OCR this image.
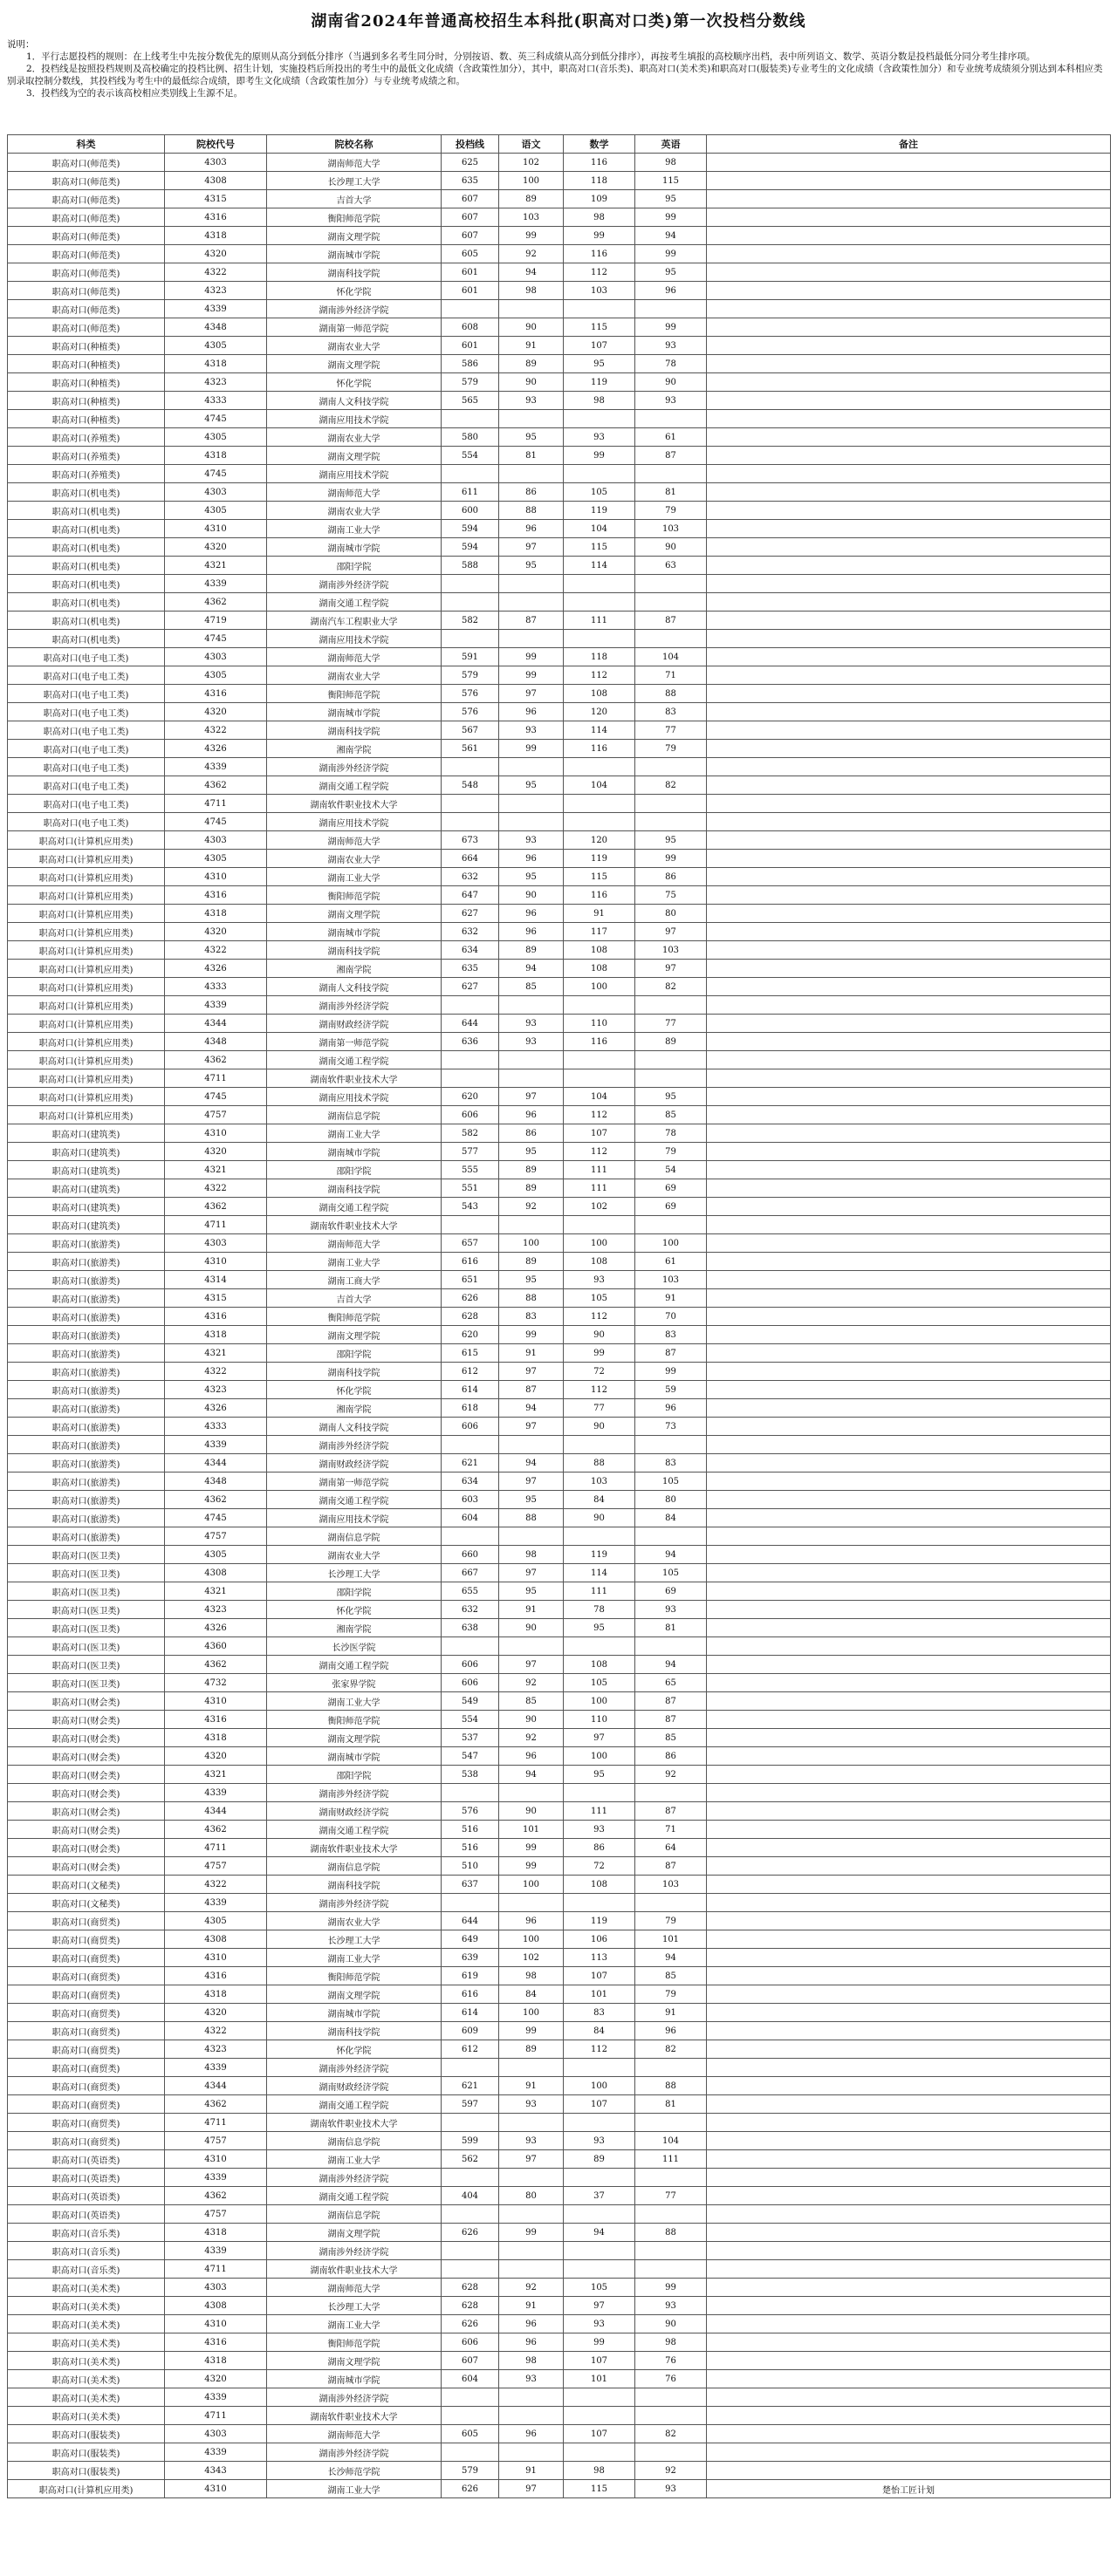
湖南省2024年普通高校招生本科批(职高对口类)第一次投档分数线

说明：

1．平行志愿投档的规则：在上线考生中先按分数优先的原则从高分到低分排序（当遇到多名考生同分时，分别按语、数、英三科成绩从高分到低分排序），再按考生填报的高校顺序出档，表中所列语文、数学、英语分数是投档最低分同分考生排序项。

2．投档线是按照投档规则及高校确定的投档比例、招生计划，实施投档后所投出的考生中的最低文化成绩（含政策性加分），其中，职高对口(音乐类)、职高对口(美术类)和职高对口(服装类)专业考生的文化成绩（含政策性加分）和专业统考成绩须分别达到本科相应类别录取控制分数线，其投档线为考生中的最低综合成绩，即考生文化成绩（含政策性加分）与专业统考成绩之和。

3．投档线为空的表示该高校相应类别线上生源不足。

科类	院校代号	院校名称	投档线	语文	数学	英语	备注
职高对口(师范类)	4303	湖南师范大学	625	102	116	98	
职高对口(师范类)	4308	长沙理工大学	635	100	118	115	
职高对口(师范类)	4315	吉首大学	607	89	109	95	
职高对口(师范类)	4316	衡阳师范学院	607	103	98	99	
职高对口(师范类)	4318	湖南文理学院	607	99	99	94	
职高对口(师范类)	4320	湖南城市学院	605	92	116	99	
职高对口(师范类)	4322	湖南科技学院	601	94	112	95	
职高对口(师范类)	4323	怀化学院	601	98	103	96	
职高对口(师范类)	4339	湖南涉外经济学院					
职高对口(师范类)	4348	湖南第一师范学院	608	90	115	99	
职高对口(种植类)	4305	湖南农业大学	601	91	107	93	
职高对口(种植类)	4318	湖南文理学院	586	89	95	78	
职高对口(种植类)	4323	怀化学院	579	90	119	90	
职高对口(种植类)	4333	湖南人文科技学院	565	93	98	93	
职高对口(种植类)	4745	湖南应用技术学院					
职高对口(养殖类)	4305	湖南农业大学	580	95	93	61	
职高对口(养殖类)	4318	湖南文理学院	554	81	99	87	
职高对口(养殖类)	4745	湖南应用技术学院					
职高对口(机电类)	4303	湖南师范大学	611	86	105	81	
职高对口(机电类)	4305	湖南农业大学	600	88	119	79	
职高对口(机电类)	4310	湖南工业大学	594	96	104	103	
职高对口(机电类)	4320	湖南城市学院	594	97	115	90	
职高对口(机电类)	4321	邵阳学院	588	95	114	63	
职高对口(机电类)	4339	湖南涉外经济学院					
职高对口(机电类)	4362	湖南交通工程学院					
职高对口(机电类)	4719	湖南汽车工程职业大学	582	87	111	87	
职高对口(机电类)	4745	湖南应用技术学院					
职高对口(电子电工类)	4303	湖南师范大学	591	99	118	104	
职高对口(电子电工类)	4305	湖南农业大学	579	99	112	71	
职高对口(电子电工类)	4316	衡阳师范学院	576	97	108	88	
职高对口(电子电工类)	4320	湖南城市学院	576	96	120	83	
职高对口(电子电工类)	4322	湖南科技学院	567	93	114	77	
职高对口(电子电工类)	4326	湘南学院	561	99	116	79	
职高对口(电子电工类)	4339	湖南涉外经济学院					
职高对口(电子电工类)	4362	湖南交通工程学院	548	95	104	82	
职高对口(电子电工类)	4711	湖南软件职业技术大学					
职高对口(电子电工类)	4745	湖南应用技术学院					
职高对口(计算机应用类)	4303	湖南师范大学	673	93	120	95	
职高对口(计算机应用类)	4305	湖南农业大学	664	96	119	99	
职高对口(计算机应用类)	4310	湖南工业大学	632	95	115	86	
职高对口(计算机应用类)	4316	衡阳师范学院	647	90	116	75	
职高对口(计算机应用类)	4318	湖南文理学院	627	96	91	80	
职高对口(计算机应用类)	4320	湖南城市学院	632	96	117	97	
职高对口(计算机应用类)	4322	湖南科技学院	634	89	108	103	
职高对口(计算机应用类)	4326	湘南学院	635	94	108	97	
职高对口(计算机应用类)	4333	湖南人文科技学院	627	85	100	82	
职高对口(计算机应用类)	4339	湖南涉外经济学院					
职高对口(计算机应用类)	4344	湖南财政经济学院	644	93	110	77	
职高对口(计算机应用类)	4348	湖南第一师范学院	636	93	116	89	
职高对口(计算机应用类)	4362	湖南交通工程学院					
职高对口(计算机应用类)	4711	湖南软件职业技术大学					
职高对口(计算机应用类)	4745	湖南应用技术学院	620	97	104	95	
职高对口(计算机应用类)	4757	湖南信息学院	606	96	112	85	
职高对口(建筑类)	4310	湖南工业大学	582	86	107	78	
职高对口(建筑类)	4320	湖南城市学院	577	95	112	79	
职高对口(建筑类)	4321	邵阳学院	555	89	111	54	
职高对口(建筑类)	4322	湖南科技学院	551	89	111	69	
职高对口(建筑类)	4362	湖南交通工程学院	543	92	102	69	
职高对口(建筑类)	4711	湖南软件职业技术大学					
职高对口(旅游类)	4303	湖南师范大学	657	100	100	100	
职高对口(旅游类)	4310	湖南工业大学	616	89	108	61	
职高对口(旅游类)	4314	湖南工商大学	651	95	93	103	
职高对口(旅游类)	4315	吉首大学	626	88	105	91	
职高对口(旅游类)	4316	衡阳师范学院	628	83	112	70	
职高对口(旅游类)	4318	湖南文理学院	620	99	90	83	
职高对口(旅游类)	4321	邵阳学院	615	91	99	87	
职高对口(旅游类)	4322	湖南科技学院	612	97	72	99	
职高对口(旅游类)	4323	怀化学院	614	87	112	59	
职高对口(旅游类)	4326	湘南学院	618	94	77	96	
职高对口(旅游类)	4333	湖南人文科技学院	606	97	90	73	
职高对口(旅游类)	4339	湖南涉外经济学院					
职高对口(旅游类)	4344	湖南财政经济学院	621	94	88	83	
职高对口(旅游类)	4348	湖南第一师范学院	634	97	103	105	
职高对口(旅游类)	4362	湖南交通工程学院	603	95	84	80	
职高对口(旅游类)	4745	湖南应用技术学院	604	88	90	84	
职高对口(旅游类)	4757	湖南信息学院					
职高对口(医卫类)	4305	湖南农业大学	660	98	119	94	
职高对口(医卫类)	4308	长沙理工大学	667	97	114	105	
职高对口(医卫类)	4321	邵阳学院	655	95	111	69	
职高对口(医卫类)	4323	怀化学院	632	91	78	93	
职高对口(医卫类)	4326	湘南学院	638	90	95	81	
职高对口(医卫类)	4360	长沙医学院					
职高对口(医卫类)	4362	湖南交通工程学院	606	97	108	94	
职高对口(医卫类)	4732	张家界学院	606	92	105	65	
职高对口(财会类)	4310	湖南工业大学	549	85	100	87	
职高对口(财会类)	4316	衡阳师范学院	554	90	110	87	
职高对口(财会类)	4318	湖南文理学院	537	92	97	85	
职高对口(财会类)	4320	湖南城市学院	547	96	100	86	
职高对口(财会类)	4321	邵阳学院	538	94	95	92	
职高对口(财会类)	4339	湖南涉外经济学院					
职高对口(财会类)	4344	湖南财政经济学院	576	90	111	87	
职高对口(财会类)	4362	湖南交通工程学院	516	101	93	71	
职高对口(财会类)	4711	湖南软件职业技术大学	516	99	86	64	
职高对口(财会类)	4757	湖南信息学院	510	99	72	87	
职高对口(文秘类)	4322	湖南科技学院	637	100	108	103	
职高对口(文秘类)	4339	湖南涉外经济学院					
职高对口(商贸类)	4305	湖南农业大学	644	96	119	79	
职高对口(商贸类)	4308	长沙理工大学	649	100	106	101	
职高对口(商贸类)	4310	湖南工业大学	639	102	113	94	
职高对口(商贸类)	4316	衡阳师范学院	619	98	107	85	
职高对口(商贸类)	4318	湖南文理学院	616	84	101	79	
职高对口(商贸类)	4320	湖南城市学院	614	100	83	91	
职高对口(商贸类)	4322	湖南科技学院	609	99	84	96	
职高对口(商贸类)	4323	怀化学院	612	89	112	82	
职高对口(商贸类)	4339	湖南涉外经济学院					
职高对口(商贸类)	4344	湖南财政经济学院	621	91	100	88	
职高对口(商贸类)	4362	湖南交通工程学院	597	93	107	81	
职高对口(商贸类)	4711	湖南软件职业技术大学					
职高对口(商贸类)	4757	湖南信息学院	599	93	93	104	
职高对口(英语类)	4310	湖南工业大学	562	97	89	111	
职高对口(英语类)	4339	湖南涉外经济学院					
职高对口(英语类)	4362	湖南交通工程学院	404	80	37	77	
职高对口(英语类)	4757	湖南信息学院					
职高对口(音乐类)	4318	湖南文理学院	626	99	94	88	
职高对口(音乐类)	4339	湖南涉外经济学院					
职高对口(音乐类)	4711	湖南软件职业技术大学					
职高对口(美术类)	4303	湖南师范大学	628	92	105	99	
职高对口(美术类)	4308	长沙理工大学	628	91	97	93	
职高对口(美术类)	4310	湖南工业大学	626	96	93	90	
职高对口(美术类)	4316	衡阳师范学院	606	96	99	98	
职高对口(美术类)	4318	湖南文理学院	607	98	107	76	
职高对口(美术类)	4320	湖南城市学院	604	93	101	76	
职高对口(美术类)	4339	湖南涉外经济学院					
职高对口(美术类)	4711	湖南软件职业技术大学					
职高对口(服装类)	4303	湖南师范大学	605	96	107	82	
职高对口(服装类)	4339	湖南涉外经济学院					
职高对口(服装类)	4343	长沙师范学院	579	91	98	92	
职高对口(计算机应用类)	4310	湖南工业大学	626	97	115	93	楚怡工匠计划
